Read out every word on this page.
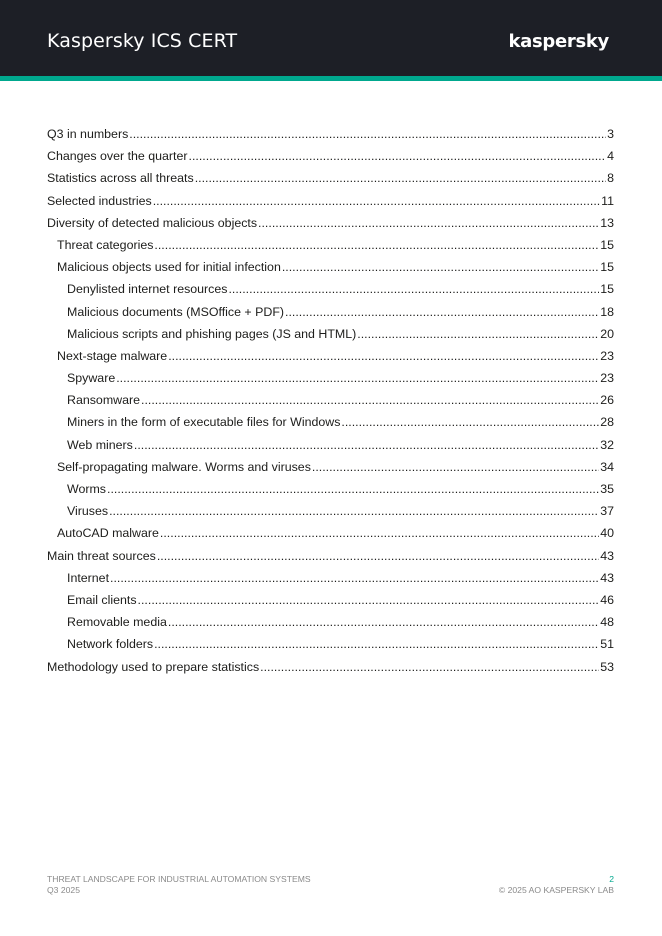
Kaspersky ICS CERT	kaspersky
Q3 in numbers .....	3
Changes over the quarter .....	4
Statistics across all threats .....	8
Selected industries .....	11
Diversity of detected malicious objects .....	13
Threat categories .....	15
Malicious objects used for initial infection .....	15
Denylisted internet resources .....	15
Malicious documents (MSOffice + PDF) .....	18
Malicious scripts and phishing pages (JS and HTML) .....	20
Next-stage malware .....	23
Spyware .....	23
Ransomware .....	26
Miners in the form of executable files for Windows .....	28
Web miners .....	32
Self-propagating malware. Worms and viruses .....	34
Worms .....	35
Viruses .....	37
AutoCAD malware .....	40
Main threat sources .....	43
Internet .....	43
Email clients .....	46
Removable media .....	48
Network folders .....	51
Methodology used to prepare statistics .....	53
THREAT LANDSCAPE FOR INDUSTRIAL AUTOMATION SYSTEMS
Q3 2025
2
© 2025 AO KASPERSKY LAB
